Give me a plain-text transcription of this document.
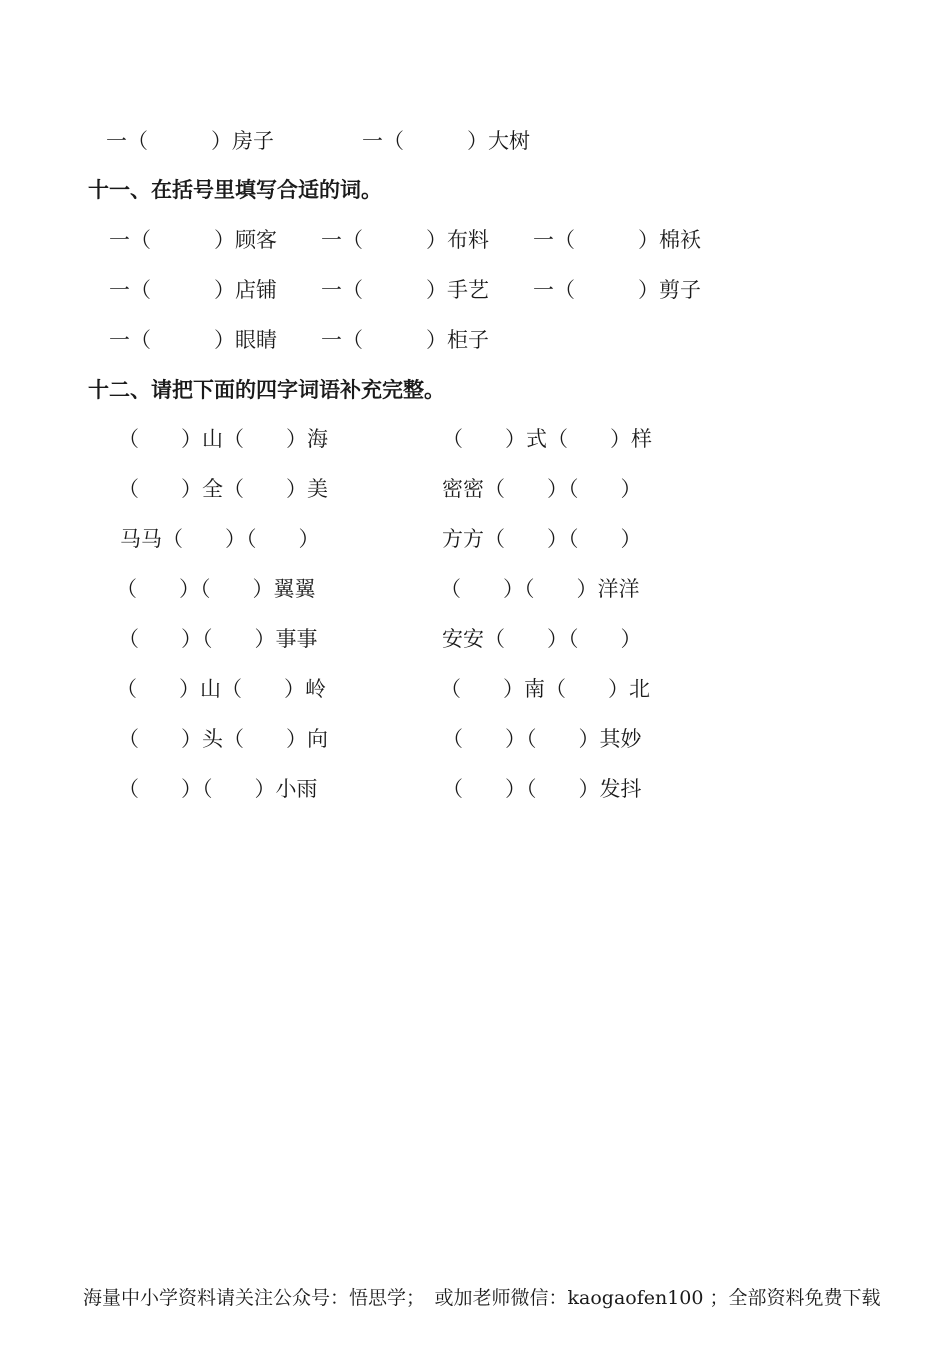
一（　　　）房子	一（　　　）大树
十一、在括号里填写合适的词。
一（　　　）顾客 一（　　　）布料 一（　　　）棉袄
一（　　　）店铺 一（　　　）手艺 一（　　　）剪子
一（　　　）眼睛 一（　　　）柜子
十二、请把下面的四字词语补充完整。
（　　）山（　　）海	（　　）式（　　）样
（　　）全（　　）美	密密（　　）（　　）
马马（　　）（　　）	方方（　　）（　　）
（　　）（　　）翼翼	（　　）（　　）洋洋
（　　）（　　）事事	安安（　　）（　　）
（　　）山（　　）岭	（　　）南（　　）北
（　　）头（　　）向	（　　）（　　）其妙
（　　）（　　）小雨	（　　）（　　）发抖
海量中小学资料请关注公众号：悟思学；　或加老师微信：kaogaofen100 ；全部资料免费下载
